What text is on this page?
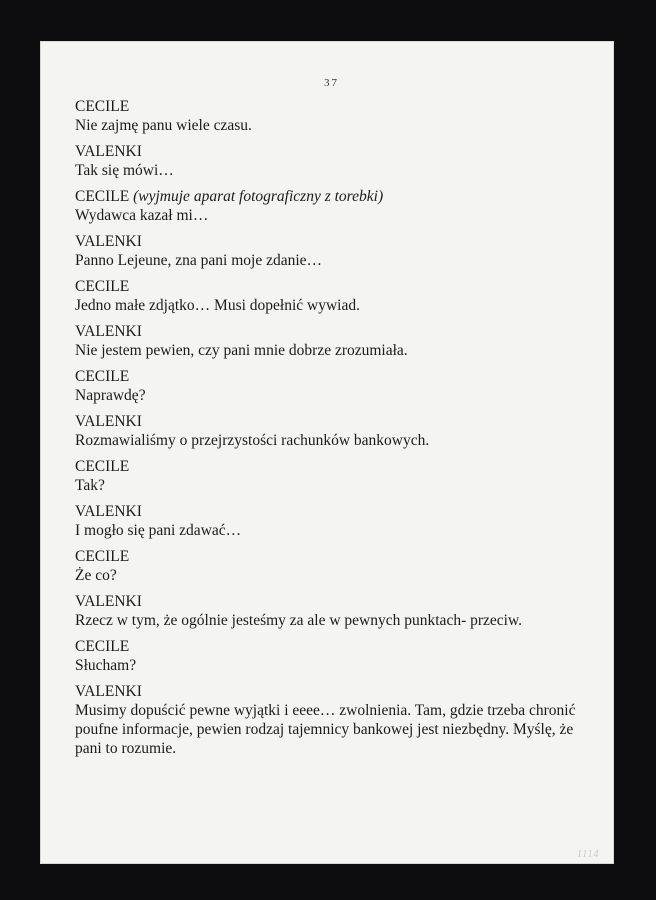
37
CECILE
Nie zajmę panu wiele czasu.
VALENKI
Tak się mówi…
CECILE (wyjmuje aparat fotograficzny z torebki)
Wydawca kazał mi…
VALENKI
Panno Lejeune, zna pani moje zdanie…
CECILE
Jedno małe zdjątko… Musi dopełnić wywiad.
VALENKI
Nie jestem pewien, czy pani mnie dobrze zrozumiała.
CECILE
Naprawdę?
VALENKI
Rozmawialiśmy o przejrzystości rachunków bankowych.
CECILE
Tak?
VALENKI
I mogło się pani zdawać…
CECILE
Że co?
VALENKI
Rzecz w tym, że ogólnie jesteśmy za ale w pewnych punktach- przeciw.
CECILE
Słucham?
VALENKI
Musimy dopuścić pewne wyjątki i eeee… zwolnienia. Tam, gdzie trzeba chronić
poufne informacje, pewien rodzaj tajemnicy bankowej jest niezbędny. Myślę, że
pani to rozumie.
1114
